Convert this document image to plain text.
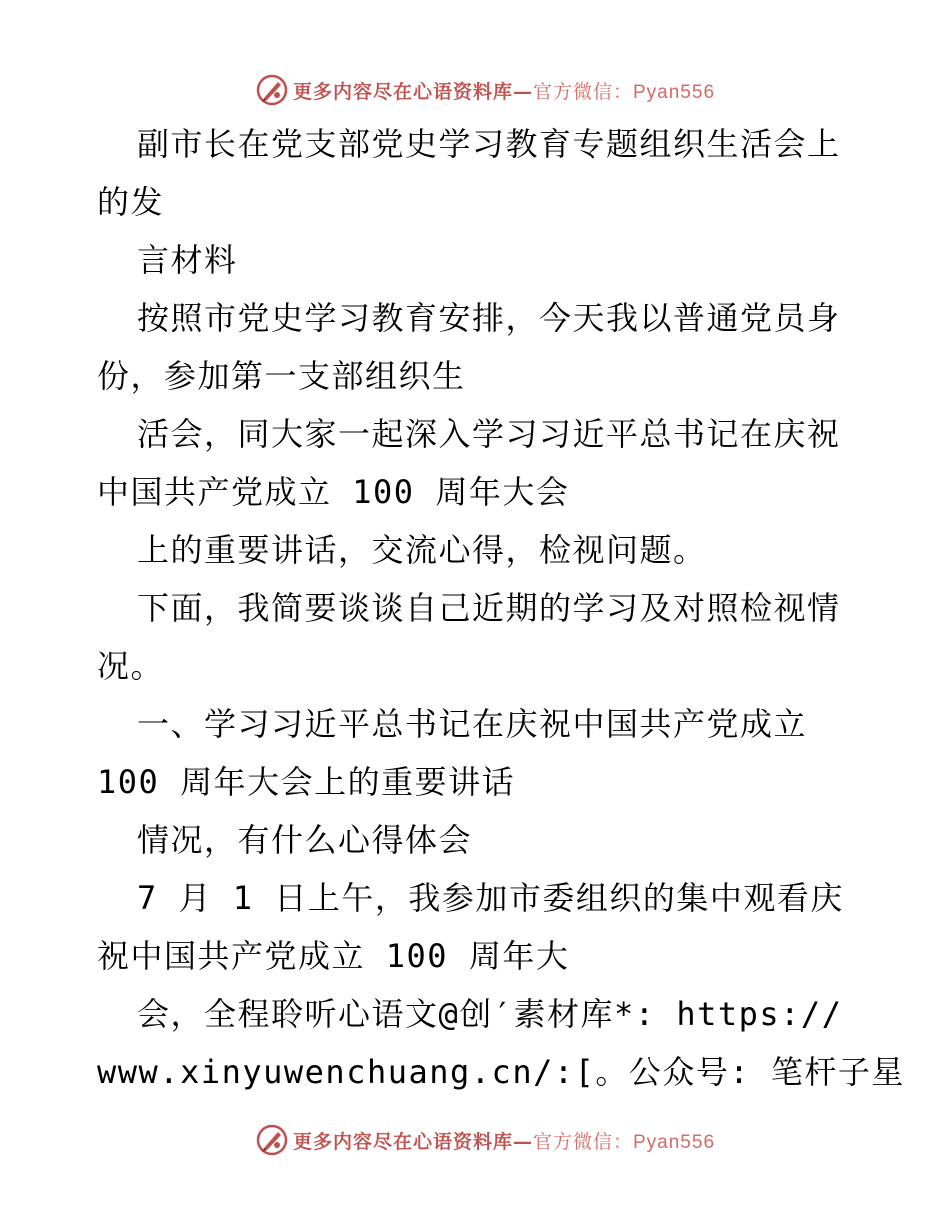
更多内容尽在心语资料库—官方微信：Pyan556
副市长在党支部党史学习教育专题组织生活会上
的发
言材料
按照市党史学习教育安排，今天我以普通党员身
份，参加第一支部组织生
活会，同大家一起深入学习习近平总书记在庆祝
中国共产党成立 100 周年大会
上的重要讲话，交流心得，检视问题。
下面，我简要谈谈自己近期的学习及对照检视情
况。
一、学习习近平总书记在庆祝中国共产党成立
100 周年大会上的重要讲话
情况，有什么心得体会
7 月 1 日上午，我参加市委组织的集中观看庆
祝中国共产党成立 100 周年大
会，全程聆听心语文@创′素材库*: https://
www.xinyuwenchuang.cn/:[。公众号: 笔杆子星
更多内容尽在心语资料库—官方微信：Pyan556
